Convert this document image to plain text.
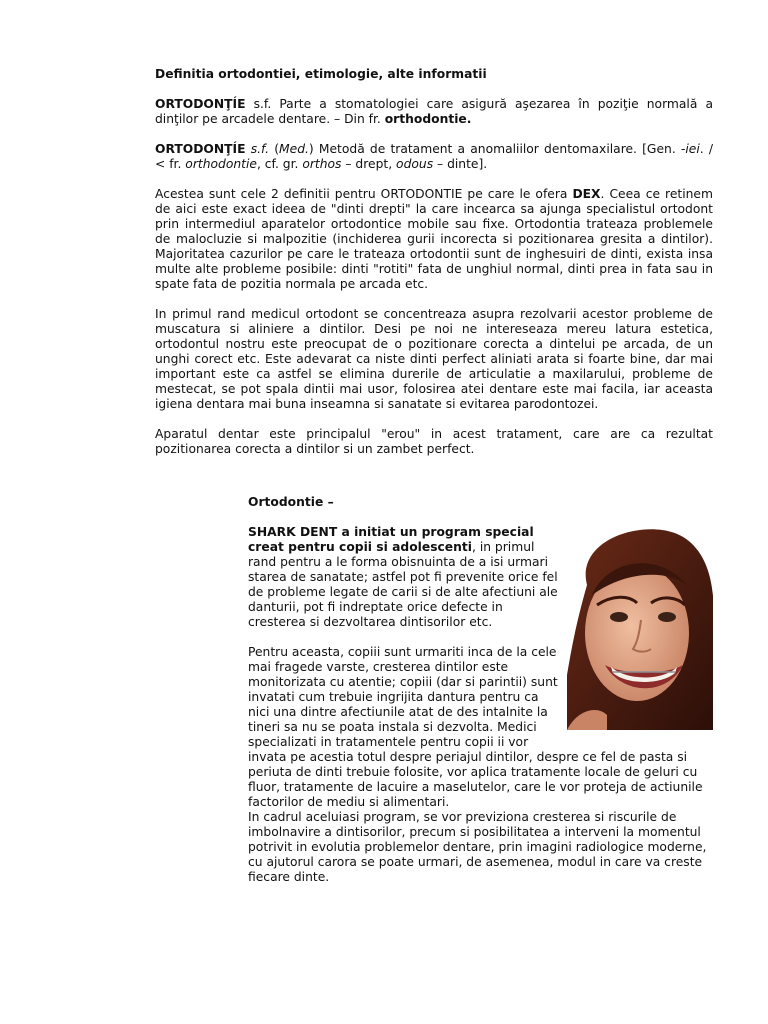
Definitia ortodontiei, etimologie, alte informatii

ORTODONŢÍE s.f. Parte a stomatologiei care asigură aşezarea în poziţie normală a dinţilor pe arcadele dentare. – Din fr. orthodontie.

ORTODONŢÍE s.f. (Med.) Metodă de tratament a anomaliilor dentomaxilare. [Gen. -iei. / < fr. orthodontie, cf. gr. orthos – drept, odous – dinte].

Acestea sunt cele 2 definitii pentru ORTODONTIE pe care le ofera DEX. Ceea ce retinem de aici este exact ideea de "dinti drepti" la care incearca sa ajunga specialistul ortodont prin intermediul aparatelor ortodontice mobile sau fixe. Ortodontia trateaza problemele de malocluzie si malpozitie (inchiderea gurii incorecta si pozitionarea gresita a dintilor). Majoritatea cazurilor pe care le trateaza ortodontii sunt de inghesuiri de dinti, exista insa multe alte probleme posibile: dinti "rotiti" fata de unghiul normal, dinti prea in fata sau in spate fata de pozitia normala pe arcada etc.

In primul rand medicul ortodont se concentreaza asupra rezolvarii acestor probleme de muscatura si aliniere a dintilor. Desi pe noi ne intereseaza mereu latura estetica, ortodontul nostru este preocupat de o pozitionare corecta a dintelui pe arcada, de un unghi corect etc. Este adevarat ca niste dinti perfect aliniati arata si foarte bine, dar mai important este ca astfel se elimina durerile de articulatie a maxilarului, probleme de mestecat, se pot spala dintii mai usor, folosirea atei dentare este mai facila, iar aceasta igiena dentara mai buna inseamna si sanatate si evitarea parodontozei.

Aparatul dentar este principalul "erou" in acest tratament, care are ca rezultat pozitionarea corecta a dintilor si un zambet perfect.

Ortodontie –

SHARK DENT a initiat un program special creat pentru copii si adolescenti, in primul rand pentru a le forma obisnuinta de a isi urmari starea de sanatate; astfel pot fi prevenite orice fel de probleme legate de carii si de alte afectiuni ale danturii, pot fi indreptate orice defecte in cresterea si dezvoltarea dintisorilor etc.

Pentru aceasta, copiii sunt urmariti inca de la cele mai fragede varste, cresterea dintilor este monitorizata cu atentie; copiii (dar si parintii) sunt invatati cum trebuie ingrijita dantura pentru ca nici una dintre afectiunile atat de des intalnite la tineri sa nu se poata instala si dezvolta. Medici specializati in tratamentele pentru copii ii vor invata pe acestia totul despre periajul dintilor, despre ce fel de pasta si periuta de dinti trebuie folosite, vor aplica tratamente locale de geluri cu fluor, tratamente de lacuire a maselutelor, care le vor proteja de actiunile factorilor de mediu si alimentari.

In cadrul aceluiasi program, se vor previziona cresterea si riscurile de imbolnavire a dintisorilor, precum si posibilitatea a interveni la momentul potrivit in evolutia problemelor dentare, prin imagini radiologice moderne, cu ajutorul carora se poate urmari, de asemenea, modul in care va creste fiecare dinte.
